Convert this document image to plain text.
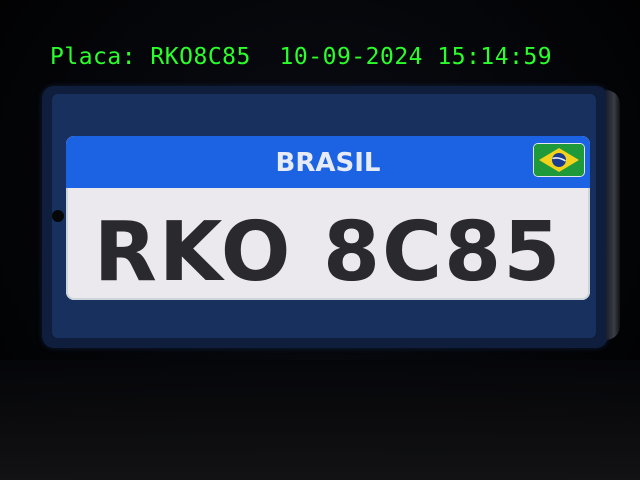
Placa: RKO8C85  10-09-2024 15:14:59
BRASIL
RKO 8C85
